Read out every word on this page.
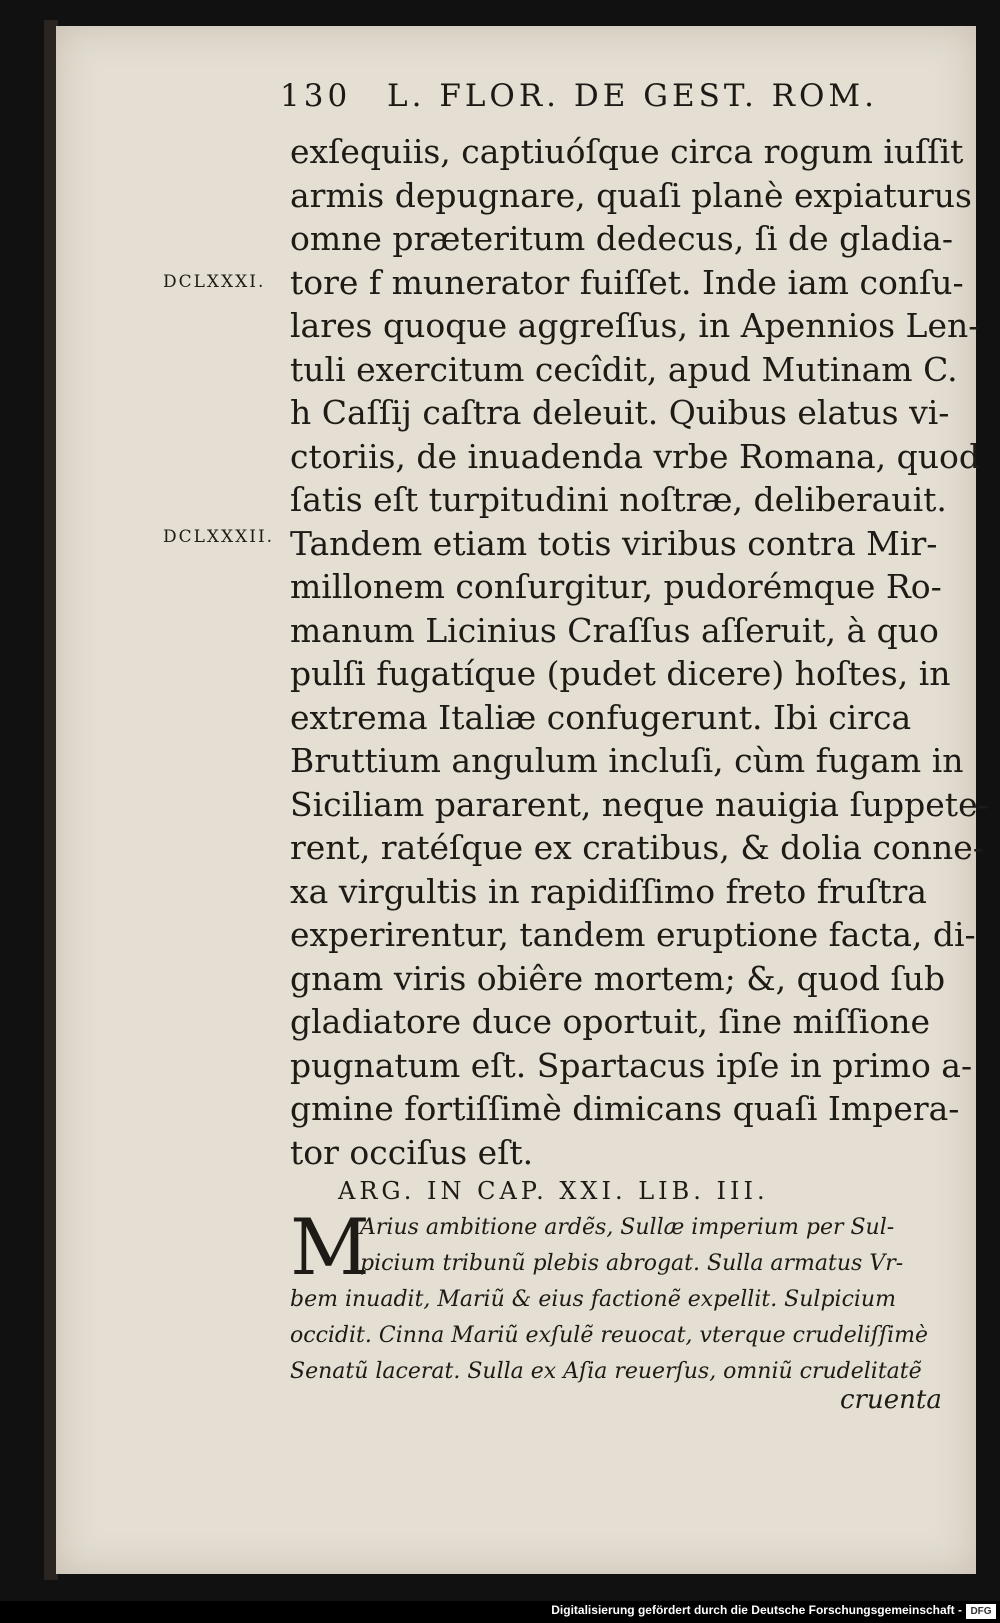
130 L. FLOR. DE GEST. ROM.
DCLXXXI.
DCLXXXII.
exſequiis, captiuóſque circa rogum iuſſit
armis depugnare, quaſi planè expiaturus
omne præteritum dedecus, ſi de gladia-
tore f munerator fuiſſet. Inde iam conſu-
lares quoque aggreſſus, in Apennios Len-
tuli exercitum cecîdit, apud Mutinam C.
h Caſſij caſtra deleuit. Quibus elatus vi-
ctoriis, de inuadenda vrbe Romana, quod
ſatis eſt turpitudini noſtræ, deliberauit.
Tandem etiam totis viribus contra Mir-
millonem conſurgitur, pudorémque Ro-
manum Licinius Craſſus aſſeruit, à quo
pulſi fugatíque (pudet dicere) hoſtes, in
extrema Italiæ confugerunt. Ibi circa
Bruttium angulum incluſi, cùm fugam in
Siciliam pararent, neque nauigia ſuppete-
rent, ratéſque ex cratibus, & dolia conne-
xa virgultis in rapidiſſimo freto fruſtra
experirentur, tandem eruptione facta, di-
gnam viris obiêre mortem; &, quod ſub
gladiatore duce oportuit, ſine miſſione
pugnatum eſt. Spartacus ipſe in primo a-
gmine fortiſſimè dimicans quaſi Impera-
tor occiſus eſt.
ARG. IN CAP. XXI. LIB. III.
M
Arius ambitione ardẽs, Sullæ imperium per Sul-
picium tribunũ plebis abrogat. Sulla armatus Vr-
bem inuadit, Mariũ & eius factionẽ expellit. Sulpicium
occidit. Cinna Mariũ exſulẽ reuocat, vterque crudeliſſimè
Senatũ lacerat. Sulla ex Aſia reuerſus, omniũ crudelitatẽ
cruenta
Digitalisierung gefördert durch die Deutsche Forschungsgemeinschaft - DFG
